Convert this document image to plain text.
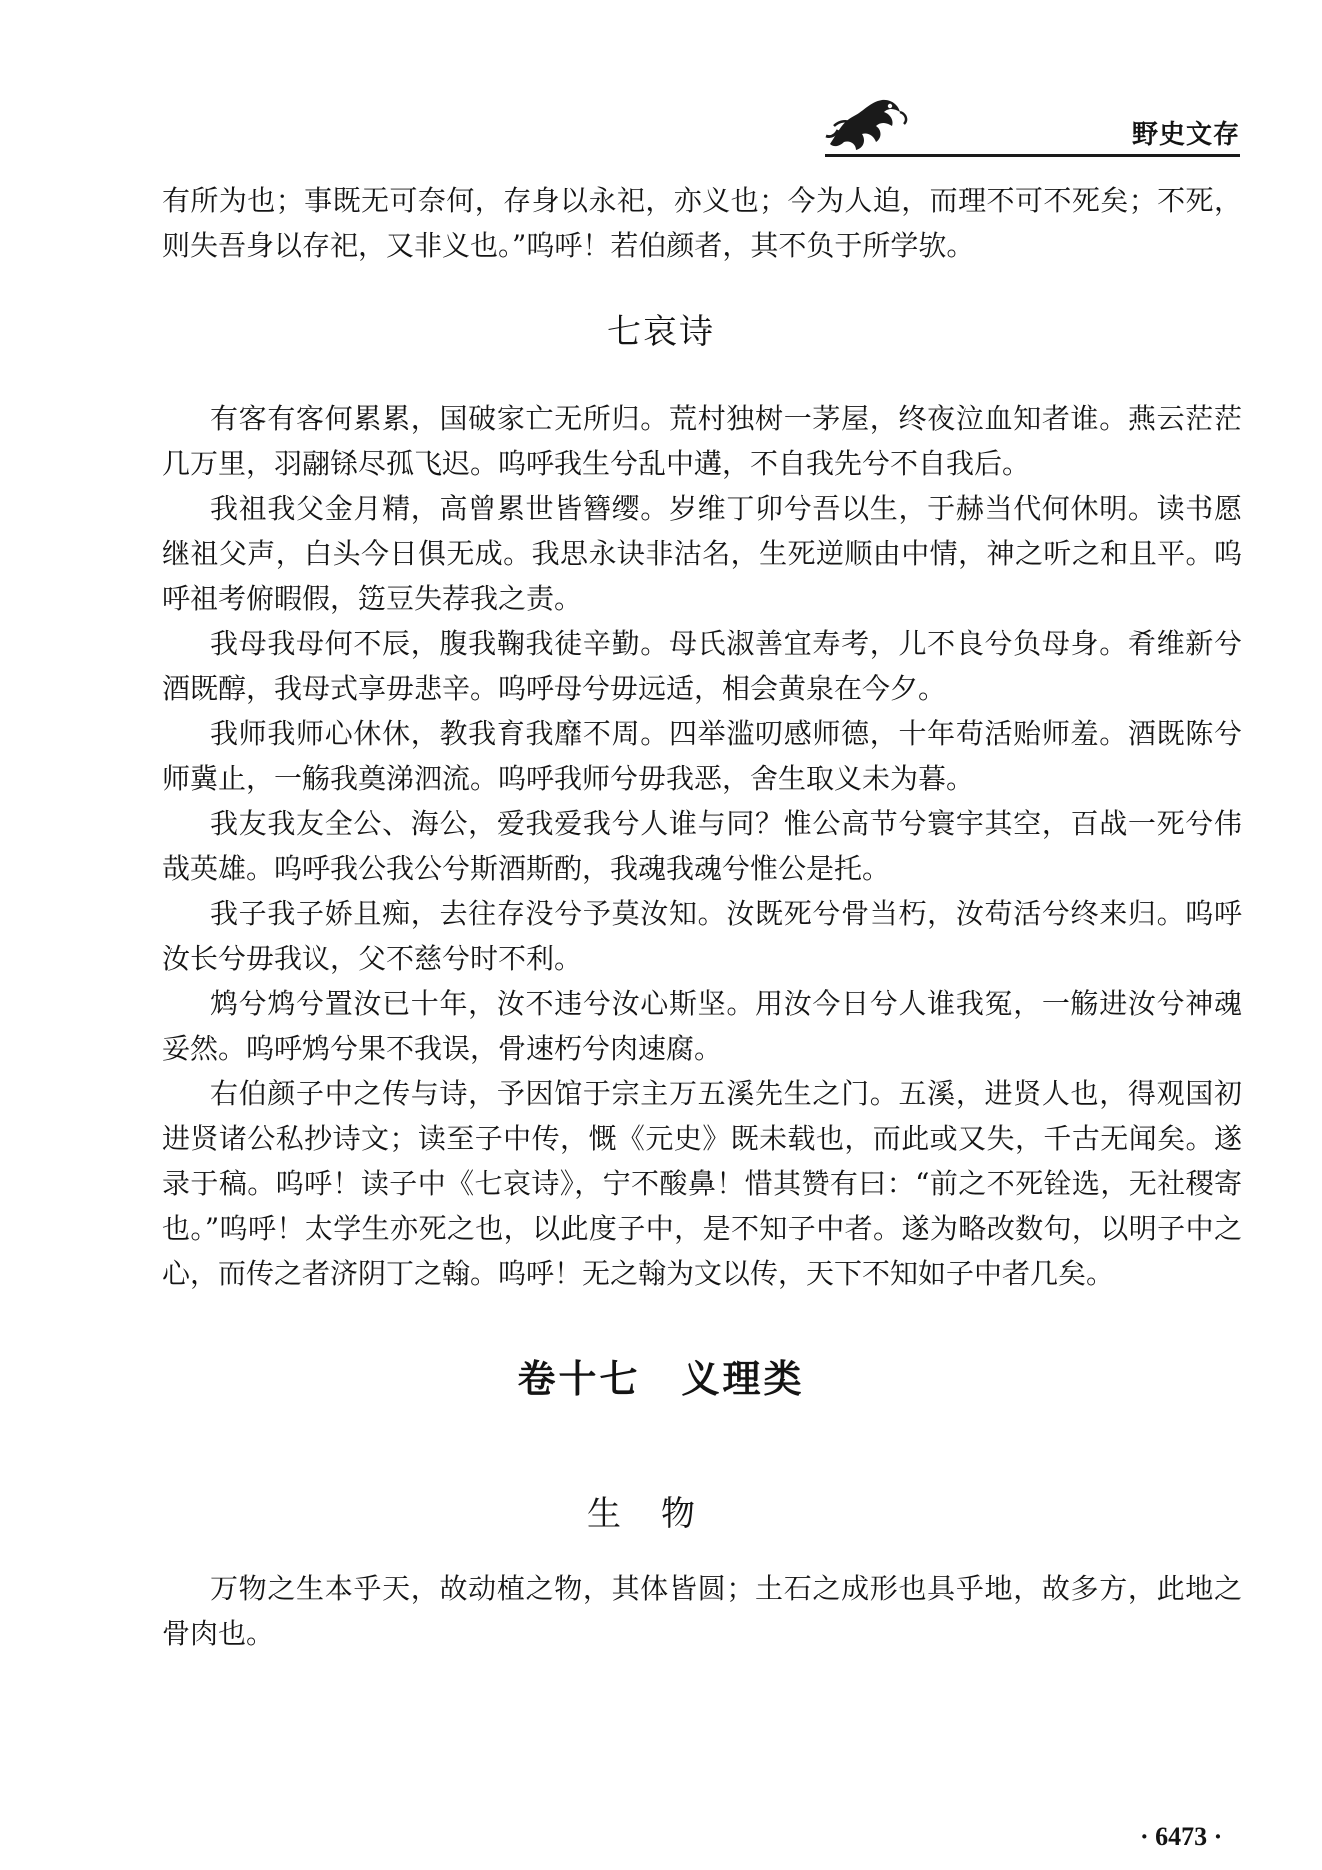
野史文存

有所为也；事既无可奈何，存身以永祀，亦义也；今为人迫，而理不可不死矣；不死，则失吾身以存祀，又非义也。”呜呼！若伯颜者，其不负于所学欤。

七哀诗

有客有客何累累，国破家亡无所归。荒村独树一茅屋，终夜泣血知者谁。燕云茫茫几万里，羽翮铩尽孤飞迟。呜呼我生兮乱中遘，不自我先兮不自我后。

我祖我父金月精，高曾累世皆簪缨。岁维丁卯兮吾以生，于赫当代何休明。读书愿继祖父声，白头今日俱无成。我思永诀非沽名，生死逆顺由中情，神之听之和且平。呜呼祖考俯暇假，笾豆失荐我之责。

我母我母何不辰，腹我鞠我徒辛勤。母氏淑善宜寿考，儿不良兮负母身。肴维新兮酒既醇，我母式享毋悲辛。呜呼母兮毋远适，相会黄泉在今夕。

我师我师心休休，教我育我靡不周。四举滥叨感师德，十年苟活贻师羞。酒既陈兮师冀止，一觞我奠涕泗流。呜呼我师兮毋我恶，舍生取义未为暮。

我友我友全公、海公，爱我爱我兮人谁与同？惟公高节兮寰宇其空，百战一死兮伟哉英雄。呜呼我公我公兮斯酒斯酌，我魂我魂兮惟公是托。

我子我子娇且痴，去往存没兮予莫汝知。汝既死兮骨当朽，汝苟活兮终来归。呜呼汝长兮毋我议，父不慈兮时不利。

鸩兮鸩兮置汝已十年，汝不违兮汝心斯坚。用汝今日兮人谁我冤，一觞进汝兮神魂妥然。呜呼鸩兮果不我误，骨速朽兮肉速腐。

右伯颜子中之传与诗，予因馆于宗主万五溪先生之门。五溪，进贤人也，得观国初进贤诸公私抄诗文；读至子中传，慨《元史》既未载也，而此或又失，千古无闻矣。遂录于稿。呜呼！读子中《七哀诗》，宁不酸鼻！惜其赞有曰：“前之不死铨选，无社稷寄也。”呜呼！太学生亦死之也，以此度子中，是不知子中者。遂为略改数句，以明子中之心，而传之者济阴丁之翰。呜呼！无之翰为文以传，天下不知如子中者几矣。

卷十七　义理类
生物

万物之生本乎天，故动植之物，其体皆圆；土石之成形也具乎地，故多方，此地之骨肉也。

· 6473 ·
